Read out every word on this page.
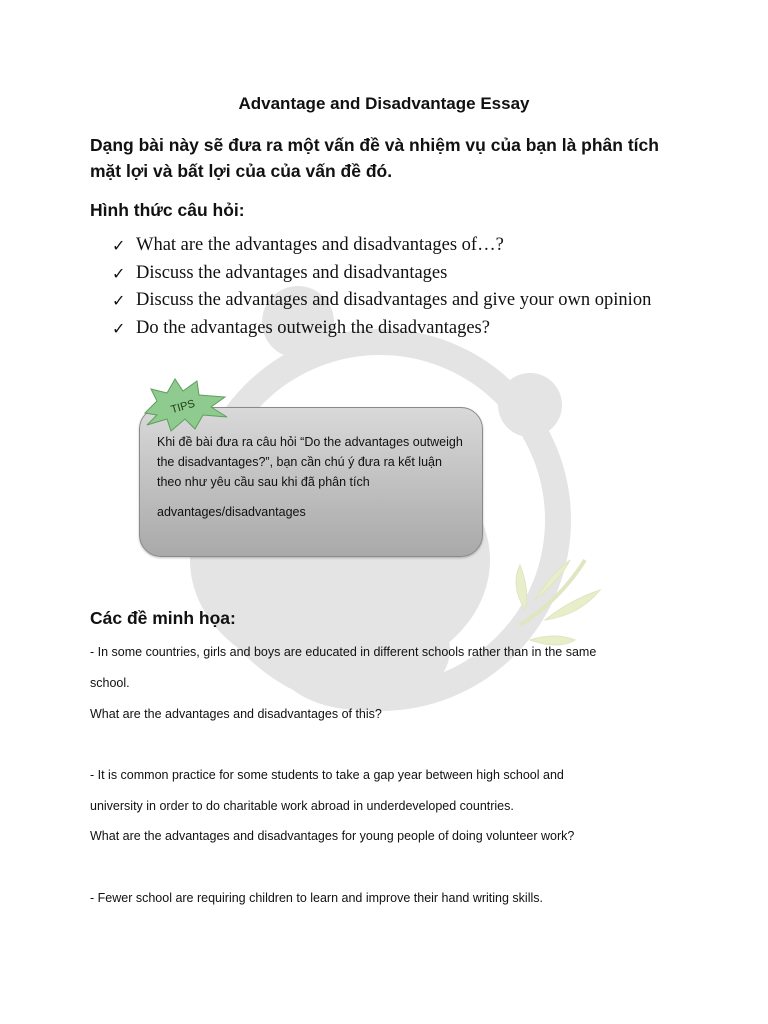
Advantage and Disadvantage Essay
Dạng bài này sẽ đưa ra một vấn đề và nhiệm vụ của bạn là phân tích mặt lợi và bất lợi của của vấn đề đó.
Hình thức câu hỏi:
✓ What are the advantages and disadvantages of…?
✓ Discuss the advantages and disadvantages
✓ Discuss the advantages and disadvantages and give your own opinion
✓ Do the advantages outweigh the disadvantages?
Khi đề bài đưa ra câu hỏi “Do the advantages outweigh the disadvantages?”, bạn cần chú ý đưa ra kết luận theo như yêu cầu sau khi đã phân tích
advantages/disadvantages
TIPS
Các đề minh họa:
- In some countries, girls and boys are educated in different schools rather than in the same
school.
What are the advantages and disadvantages of this?
- It is common practice for some students to take a gap year between high school and
university in order to do charitable work abroad in underdeveloped countries.
What are the advantages and disadvantages for young people of doing volunteer work?
- Fewer school are requiring children to learn and improve their hand writing skills.
